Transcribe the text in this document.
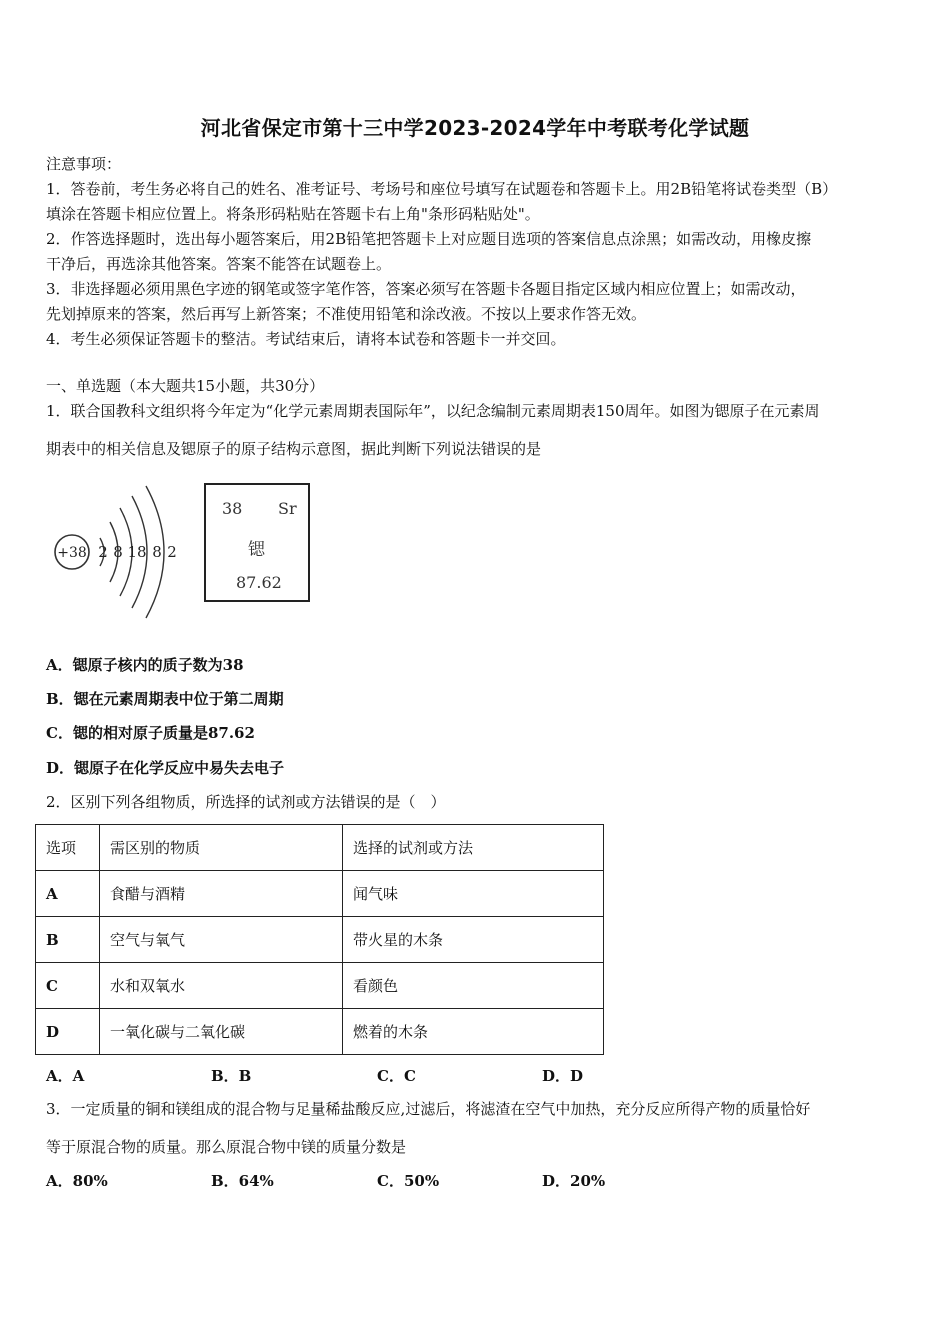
河北省保定市第十三中学2023-2024学年中考联考化学试题
注意事项：
1．答卷前，考生务必将自己的姓名、准考证号、考场号和座位号填写在试题卷和答题卡上。用2B铅笔将试卷类型（B）
填涂在答题卡相应位置上。将条形码粘贴在答题卡右上角"条形码粘贴处"。
2．作答选择题时，选出每小题答案后，用2B铅笔把答题卡上对应题目选项的答案信息点涂黑；如需改动，用橡皮擦
干净后，再选涂其他答案。答案不能答在试题卷上。
3．非选择题必须用黑色字迹的钢笔或签字笔作答，答案必须写在答题卡各题目指定区域内相应位置上；如需改动，
先划掉原来的答案，然后再写上新答案；不准使用铅笔和涂改液。不按以上要求作答无效。
4．考生必须保证答题卡的整洁。考试结束后，请将本试卷和答题卡一并交回。
一、单选题（本大题共15小题，共30分）
1．联合国教科文组织将今年定为“化学元素周期表国际年”，以纪念编制元素周期表150周年。如图为锶原子在元素周
期表中的相关信息及锶原子的原子结构示意图，据此判断下列说法错误的是
+38 2 8 18 8 2
38 Sr
锶
87.62
A．锶原子核内的质子数为38
B．锶在元素周期表中位于第二周期
C．锶的相对原子质量是87.62
D．锶原子在化学反应中易失去电子
2．区别下列各组物质，所选择的试剂或方法错误的是（　）
选项	需区别的物质	选择的试剂或方法
A	食醋与酒精	闻气味
B	空气与氧气	带火星的木条
C	水和双氧水	看颜色
D	一氧化碳与二氧化碳	燃着的木条
A．A	B．B	C．C	D．D
3．一定质量的铜和镁组成的混合物与足量稀盐酸反应,过滤后，将滤渣在空气中加热，充分反应所得产物的质量恰好
等于原混合物的质量。那么原混合物中镁的质量分数是
A．80%	B．64%	C．50%	D．20%
